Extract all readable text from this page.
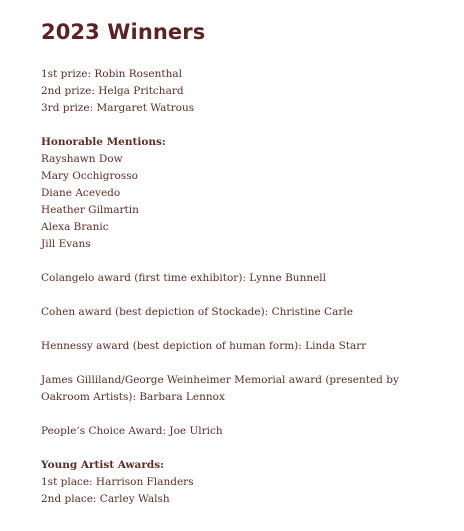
2023 Winners
1st prize: Robin Rosenthal
2nd prize: Helga Pritchard
3rd prize: Margaret Watrous
Honorable Mentions:
Rayshawn Dow
Mary Occhigrosso
Diane Acevedo
Heather Gilmartin
Alexa Branic
Jill Evans
Colangelo award (first time exhibitor): Lynne Bunnell
Cohen award (best depiction of Stockade): Christine Carle
Hennessy award (best depiction of human form): Linda Starr
James Gilliland/George Weinheimer Memorial award (presented by Oakroom Artists): Barbara Lennox
People’s Choice Award: Joe Ulrich
Young Artist Awards:
1st place: Harrison Flanders
2nd place: Carley Walsh
